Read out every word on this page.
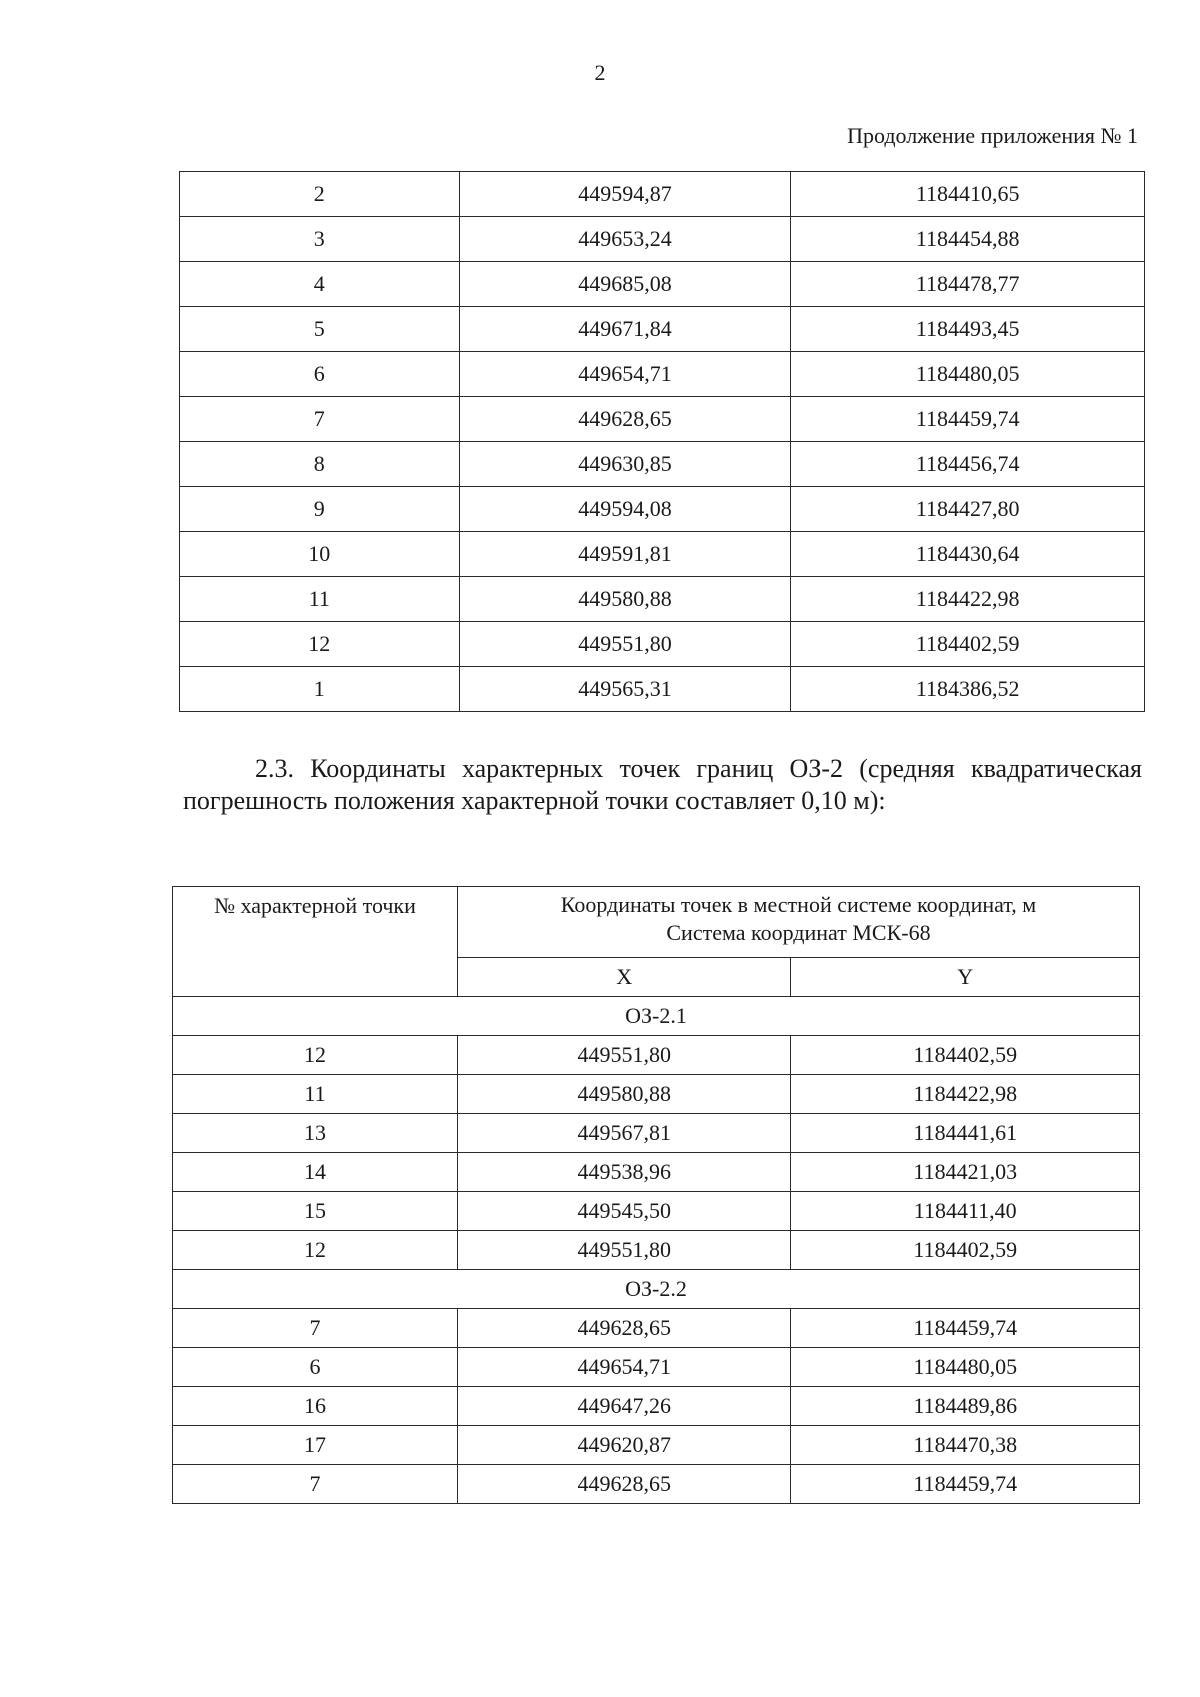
2
Продолжение приложения № 1
2	449594,87	1184410,65
3	449653,24	1184454,88
4	449685,08	1184478,77
5	449671,84	1184493,45
6	449654,71	1184480,05
7	449628,65	1184459,74
8	449630,85	1184456,74
9	449594,08	1184427,80
10	449591,81	1184430,64
11	449580,88	1184422,98
12	449551,80	1184402,59
1	449565,31	1184386,52
2.3. Координаты характерных точек границ ОЗ-2 (средняя квадратическая погрешность положения характерной точки составляет 0,10 м):
№ характерной точки	Координаты точек в местной системе координат, м
Система координат МСК-68	
	X	Y
ОЗ-2.1		
12	449551,80	1184402,59
11	449580,88	1184422,98
13	449567,81	1184441,61
14	449538,96	1184421,03
15	449545,50	1184411,40
12	449551,80	1184402,59
ОЗ-2.2		
7	449628,65	1184459,74
6	449654,71	1184480,05
16	449647,26	1184489,86
17	449620,87	1184470,38
7	449628,65	1184459,74
